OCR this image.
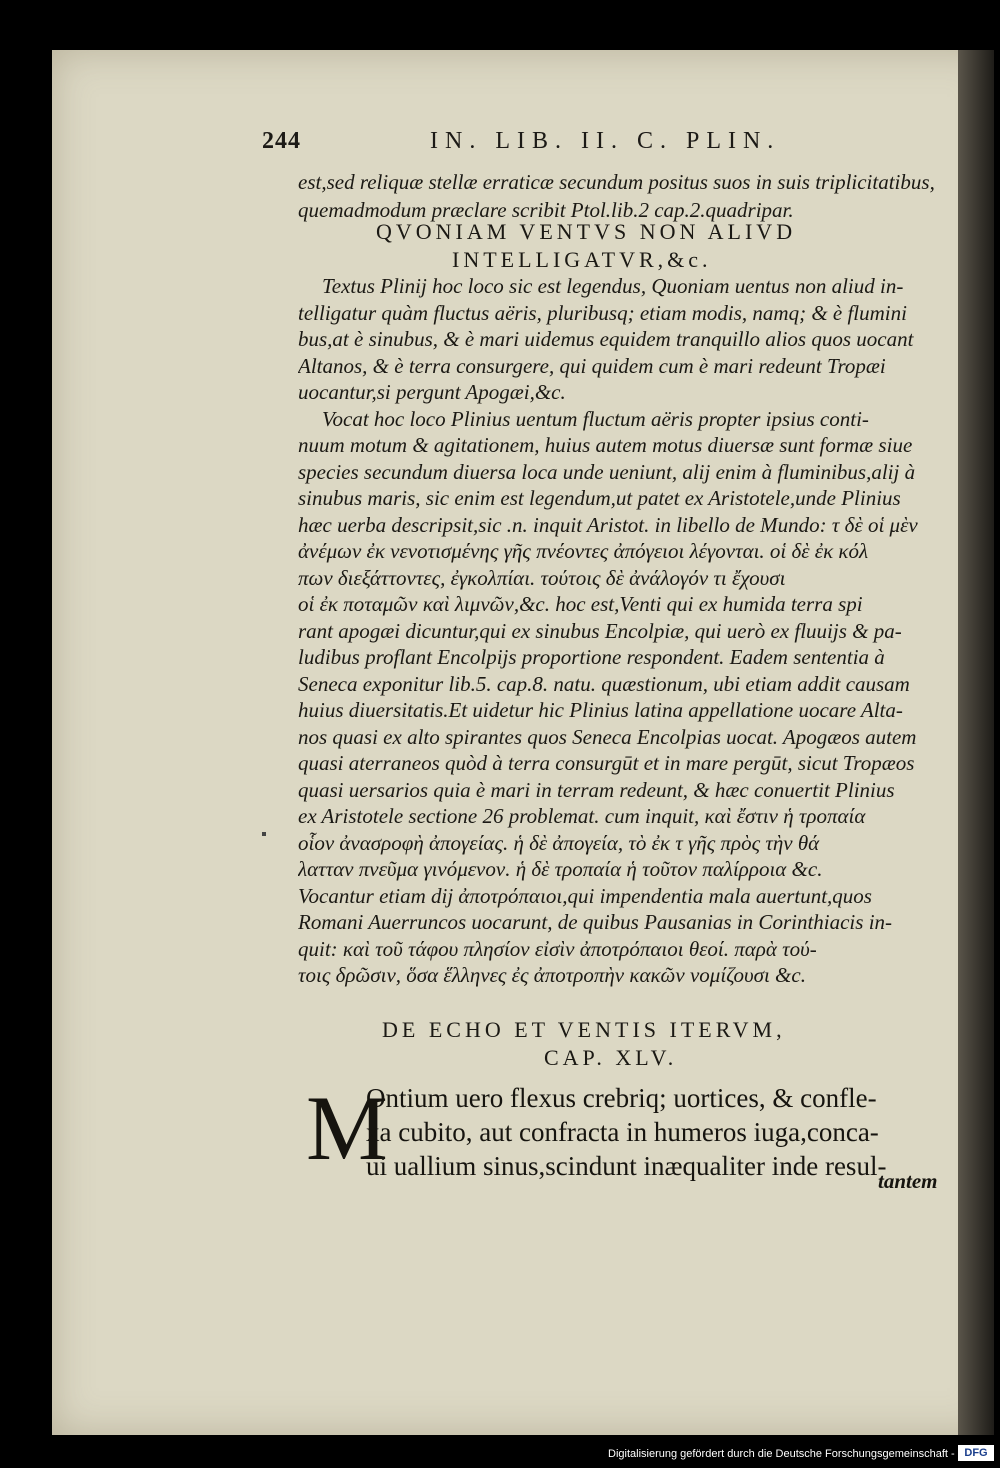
244	IN. LIB. II. C. PLIN.
est,sed reliquæ stellæ erraticæ secundum positus suos in suis triplicitatibus,
quemadmodum præclare scribit Ptol.lib.2 cap.2.quadripar.
QVONIAM VENTVS NON ALIVD
INTELLIGATVR,&c.
Textus Plinij hoc loco sic est legendus, Quoniam uentus non aliud in-
telligatur quàm fluctus aëris, pluribusq; etiam modis, namq; & è flumini
bus,at è sinubus, & è mari uidemus equidem tranquillo alios quos uocant
Altanos, & è terra consurgere, qui quidem cum è mari redeunt Tropæi
uocantur,si pergunt Apogæi,&c.
Vocat hoc loco Plinius uentum fluctum aëris propter ipsius conti-
nuum motum & agitationem, huius autem motus diuersæ sunt formæ siue
species secundum diuersa loca unde ueniunt, alij enim à fluminibus,alij à
sinubus maris, sic enim est legendum,ut patet ex Aristotele,unde Plinius
hæc uerba descripsit,sic .n. inquit Aristot. in libello de Mundo: τ δὲ οἱ μὲν
ἀνέμων ἐκ νενοτισμένης γῆς πνέοντες ἀπόγειοι λέγονται. οἱ δὲ ἐκ κόλ
πων διεξάττοντες, ἐγκολπίαι. τούτοις δὲ ἀνάλογόν τι ἔχουσι
οἱ ἐκ ποταμῶν καὶ λιμνῶν,&c. hoc est,Venti qui ex humida terra spi
rant apogæi dicuntur,qui ex sinubus Encolpiæ, qui uerò ex fluuijs & pa-
ludibus proflant Encolpijs proportione respondent. Eadem sententia à
Seneca exponitur lib.5. cap.8. natu. quæstionum, ubi etiam addit causam
huius diuersitatis.Et uidetur hic Plinius latina appellatione uocare Alta-
nos quasi ex alto spirantes quos Seneca Encolpias uocat. Apogæos autem
quasi aterraneos quòd à terra consurgūt et in mare pergūt, sicut Tropæos
quasi uersarios quia è mari in terram redeunt, & hæc conuertit Plinius
ex Aristotele sectione 26 problemat. cum inquit, καὶ ἔστιν ἡ τροπαία
οἷον ἀνασροφὴ ἀπογείας. ἡ δὲ ἀπογεία, τὸ ἐκ τ γῆς πρὸς τὴν θά
λατταν πνεῦμα γινόμενον. ἡ δὲ τροπαία ἡ τοῦτον παλίρροια &c.
Vocantur etiam dij ἀποτρόπαιοι,qui impendentia mala auertunt,quos
Romani Auerruncos uocarunt, de quibus Pausanias in Corinthiacis in-
quit: καὶ τοῦ τάφου πλησίον εἰσὶν ἀποτρόπαιοι θεοί. παρὰ τού-
τοις δρῶσιν, ὅσα ἕλληνες ἐς ἀποτροπὴν κακῶν νομίζουσι &c.
DE ECHO ET VENTIS ITERVM,
CAP. XLV.
M
Ontium uero flexus crebriq; uortices, & confle-
xa cubito, aut confracta in humeros iuga,conca-
ui uallium sinus,scindunt inæqualiter inde resul-
tantem
Digitalisierung gefördert durch die Deutsche Forschungsgemeinschaft - DFG
